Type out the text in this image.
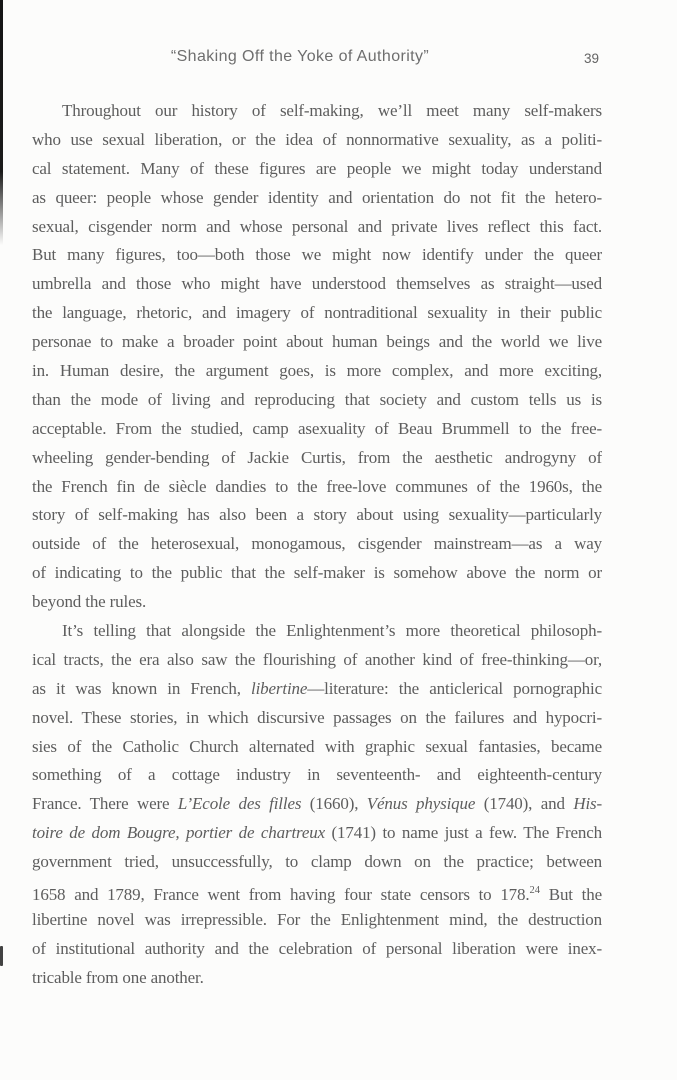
“Shaking Off the Yoke of Authority”	39
Throughout our history of self-making, we’ll meet many self-makers
who use sexual liberation, or the idea of nonnormative sexuality, as a politi-
cal statement. Many of these figures are people we might today understand
as queer: people whose gender identity and orientation do not fit the hetero-
sexual, cisgender norm and whose personal and private lives reflect this fact.
But many figures, too—both those we might now identify under the queer
umbrella and those who might have understood themselves as straight—used
the language, rhetoric, and imagery of nontraditional sexuality in their public
personae to make a broader point about human beings and the world we live
in. Human desire, the argument goes, is more complex, and more exciting,
than the mode of living and reproducing that society and custom tells us is
acceptable. From the studied, camp asexuality of Beau Brummell to the free-
wheeling gender-bending of Jackie Curtis, from the aesthetic androgyny of
the French fin de siècle dandies to the free-love communes of the 1960s, the
story of self-making has also been a story about using sexuality—particularly
outside of the heterosexual, monogamous, cisgender mainstream—as a way
of indicating to the public that the self-maker is somehow above the norm or
beyond the rules.
It’s telling that alongside the Enlightenment’s more theoretical philosoph-
ical tracts, the era also saw the flourishing of another kind of free-thinking—or,
as it was known in French, libertine—literature: the anticlerical pornographic
novel. These stories, in which discursive passages on the failures and hypocri-
sies of the Catholic Church alternated with graphic sexual fantasies, became
something of a cottage industry in seventeenth- and eighteenth-century
France. There were L’Ecole des filles (1660), Vénus physique (1740), and His-
toire de dom Bougre, portier de chartreux (1741) to name just a few. The French
government tried, unsuccessfully, to clamp down on the practice; between
1658 and 1789, France went from having four state censors to 178.24 But the
libertine novel was irrepressible. For the Enlightenment mind, the destruction
of institutional authority and the celebration of personal liberation were inex-
tricable from one another.
